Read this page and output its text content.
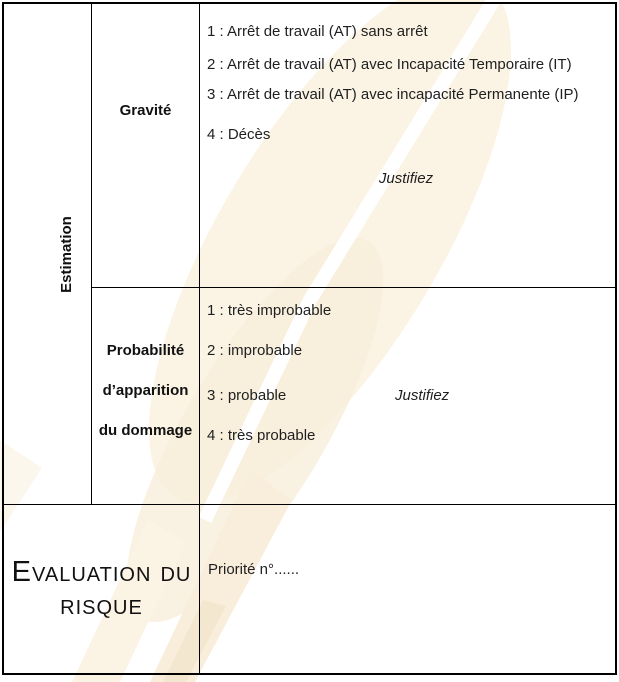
Estimation
Gravité

1 : Arrêt de travail (AT) sans arrêt

2 : Arrêt de travail (AT) avec Incapacité Temporaire (IT)

3 : Arrêt de travail (AT) avec incapacité Permanente (IP)

4 : Décès

Justifiez
Probabilité d’apparition du dommage

1 : très improbable

2 : improbable

3 : probable	Justifiez

4 : très probable

Evaluation du risque
Priorité n°......
